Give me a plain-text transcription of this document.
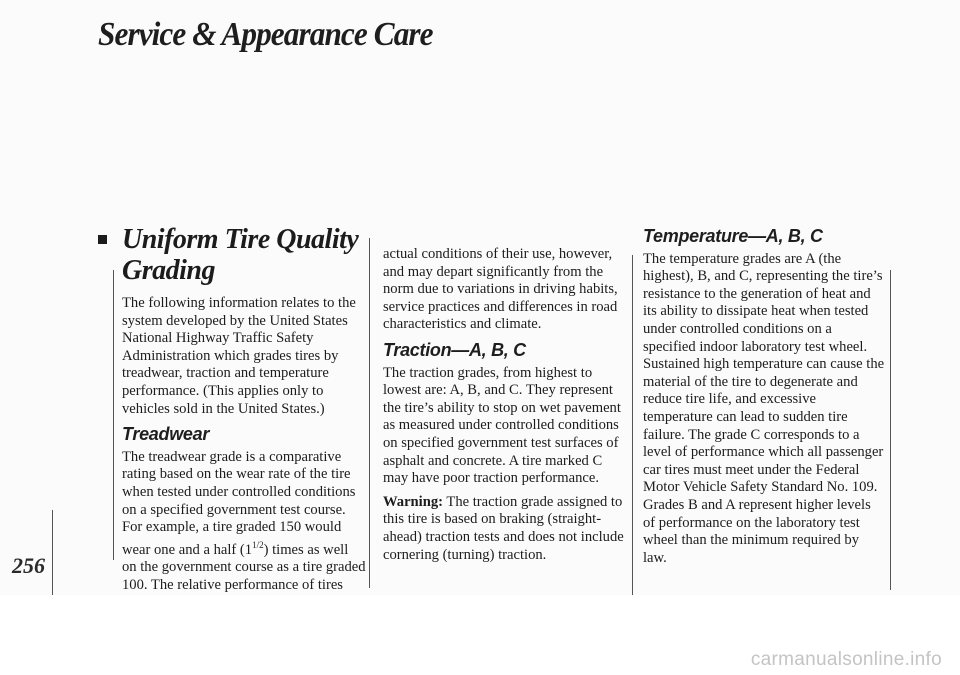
Service & Appearance Care
256
Uniform Tire Quality
Grading

The following information relates to the system developed by the United States National Highway Traffic Safety Administration which grades tires by treadwear, traction and temperature performance. (This applies only to vehicles sold in the United States.)

Treadwear

The treadwear grade is a comparative rating based on the wear rate of the tire when tested under controlled conditions on a specified government test course. For example, a tire graded 150 would wear one and a half $(1^{1/2})$ times as well on the government course as a tire graded 100. The relative performance of tires

actual conditions of their use, however, and may depart significantly from the norm due to variations in driving habits, service practices and differences in road characteristics and climate.

Traction—A, B, C

The traction grades, from highest to lowest are: A, B, and C. They represent the tire’s ability to stop on wet pavement as measured under controlled conditions on specified government test surfaces of asphalt and concrete. A tire marked C may have poor traction performance.

Warning: The traction grade assigned to this tire is based on braking (straight-ahead) traction tests and does not include cornering (turning) traction.

Temperature—A, B, C

The temperature grades are A (the highest), B, and C, representing the tire’s resistance to the generation of heat and its ability to dissipate heat when tested under controlled conditions on a specified indoor laboratory test wheel. Sustained high temperature can cause the material of the tire to degenerate and reduce tire life, and excessive temperature can lead to sudden tire failure. The grade C corresponds to a level of performance which all passenger car tires must meet under the Federal Motor Vehicle Safety Standard No. 109. Grades B and A represent higher levels of performance on the laboratory test wheel than the minimum required by law.

carmanualsonline.info
